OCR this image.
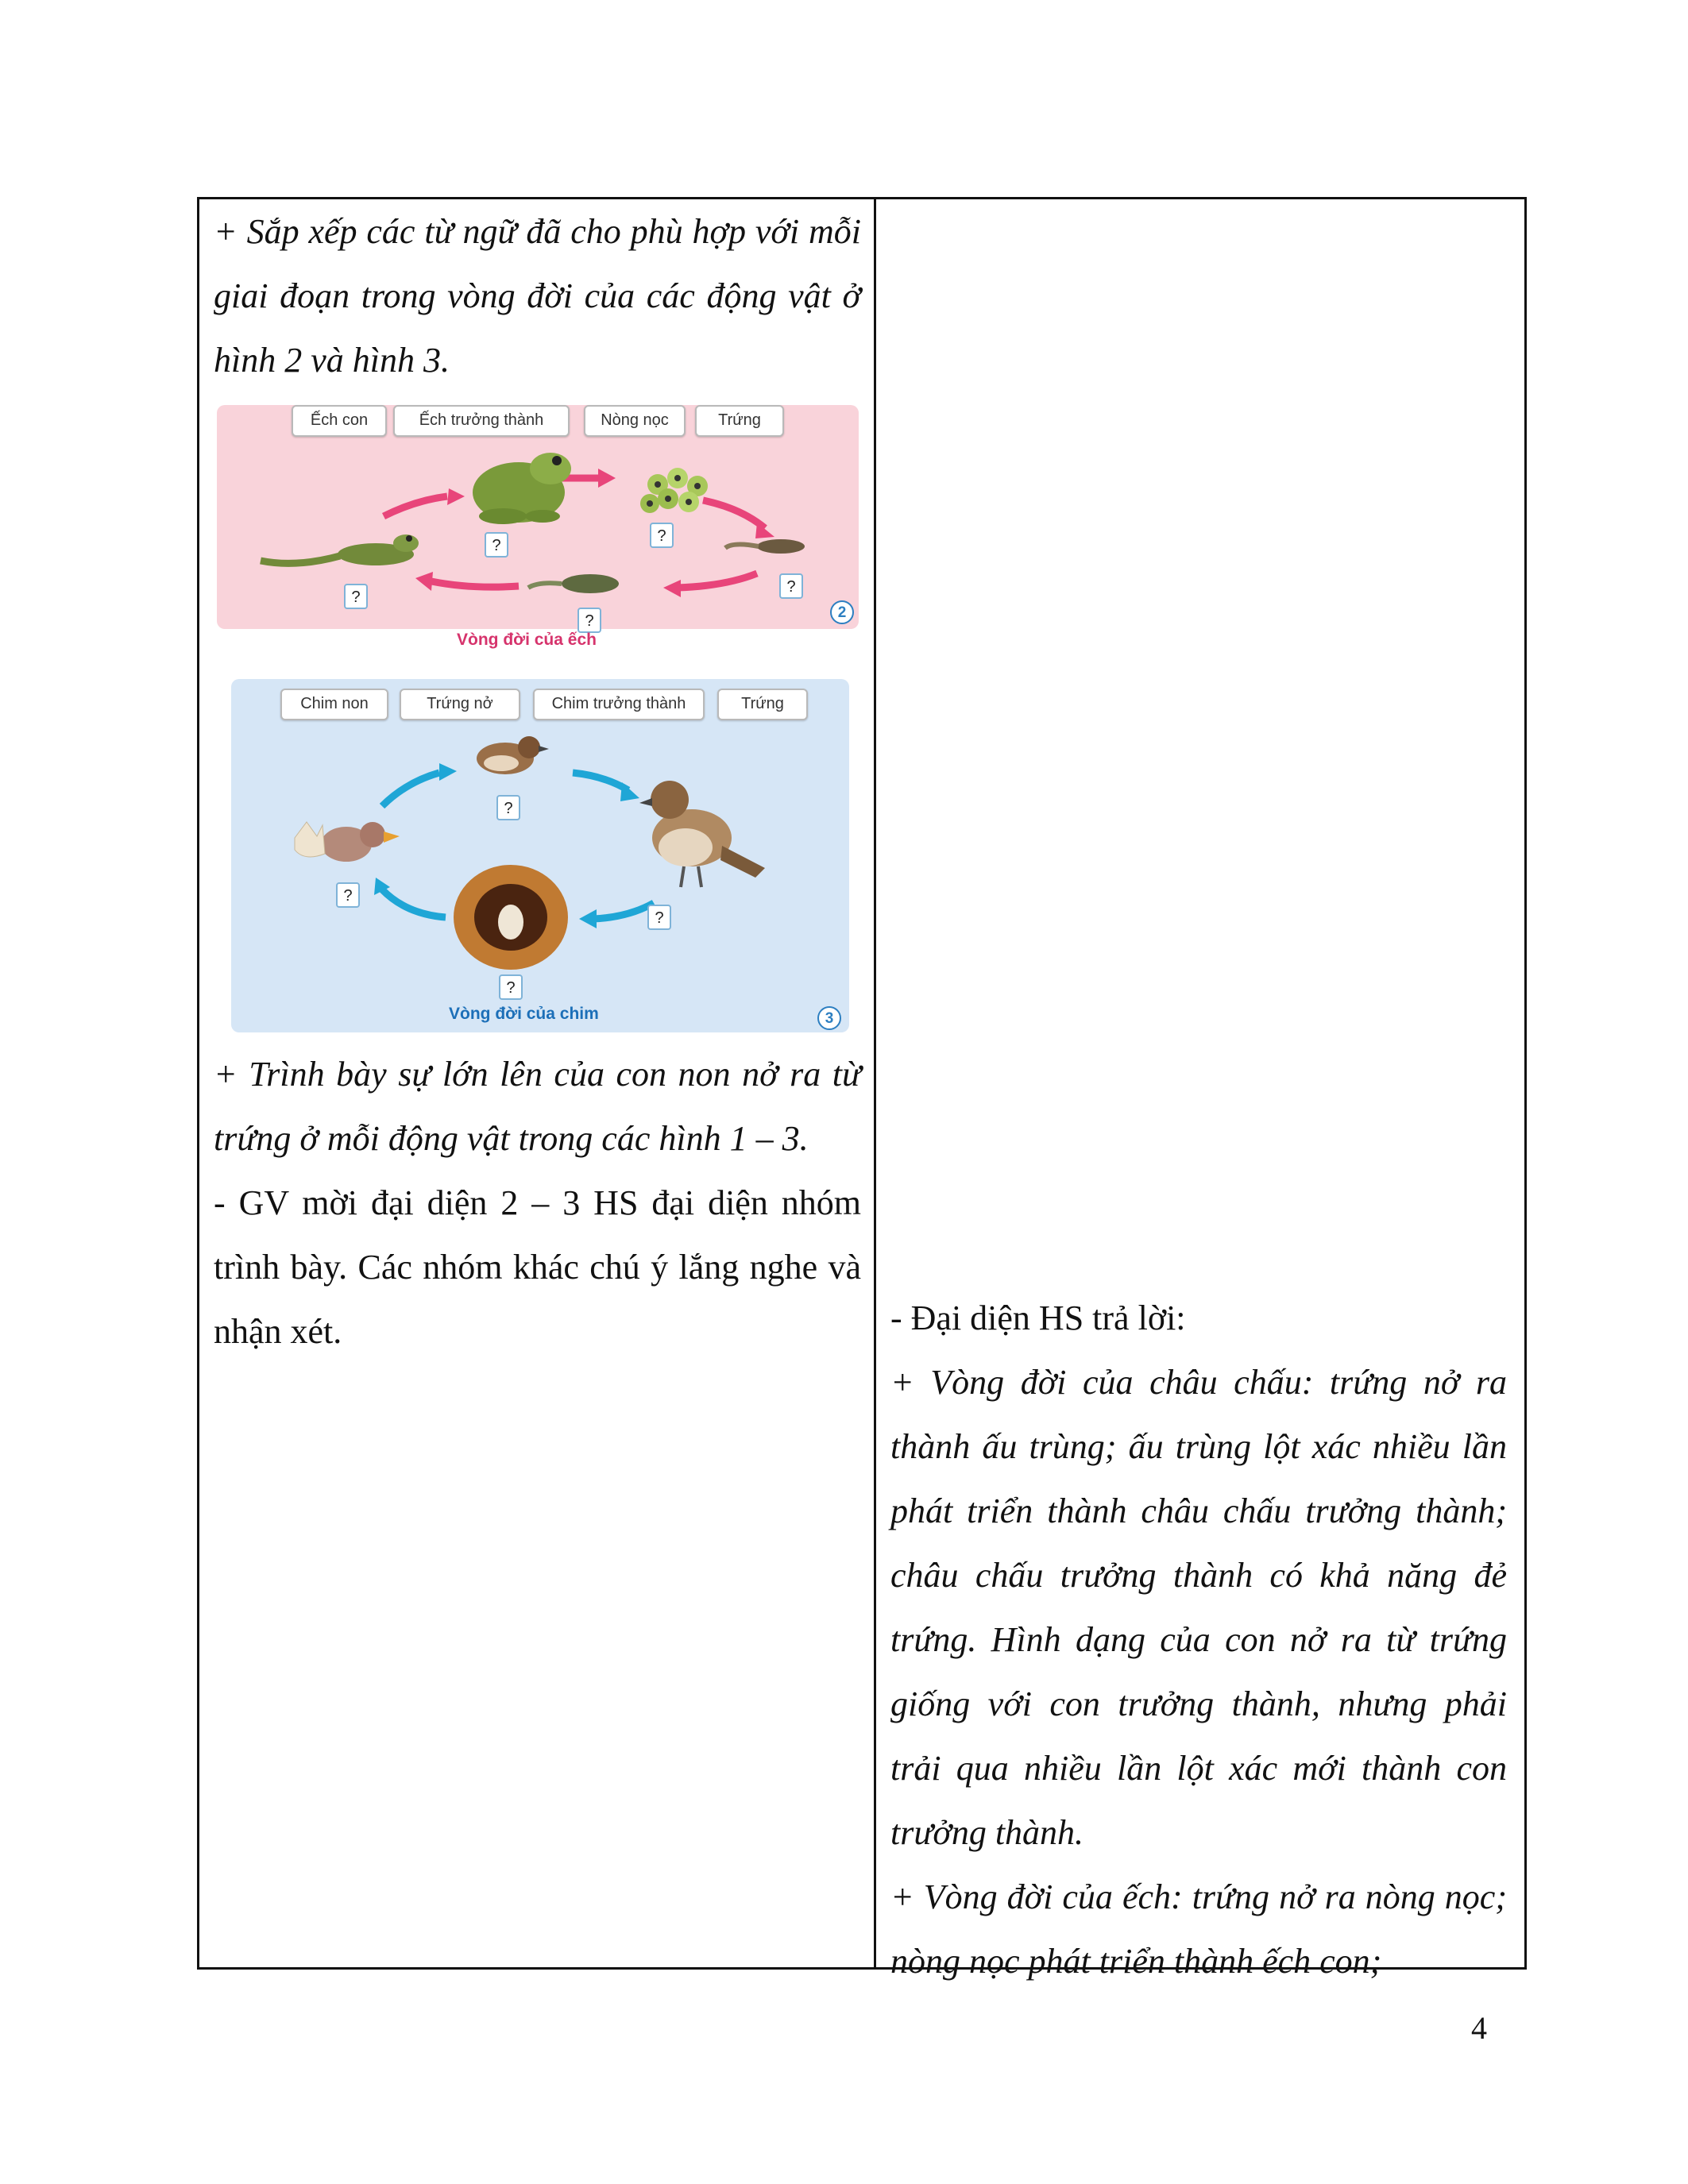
+ Sắp xếp các từ ngữ đã cho phù hợp với mỗi giai đoạn trong vòng đời của các động vật ở hình 2 và hình 3.

Ếch con	Ếch trưởng thành	Nòng nọc	Trứng
?
?
?
?
?
2
Vòng đời của ếch
Chim non	Trứng nở	Chim trưởng thành	Trứng
?
?
?
?
Vòng đời của chim	3

+ Trình bày sự lớn lên của con non nở ra từ trứng ở mỗi động vật trong các hình 1 – 3.

- GV mời đại diện 2 – 3 HS đại diện nhóm trình bày. Các nhóm khác chú ý lắng nghe và nhận xét.	- Đại diện HS trả lời:

+ Vòng đời của châu chấu: trứng nở ra thành ấu trùng; ấu trùng lột xác nhiều lần phát triển thành châu chấu trưởng thành; châu chấu trưởng thành có khả năng đẻ trứng. Hình dạng của con nở ra từ trứng giống với con trưởng thành, nhưng phải trải qua nhiều lần lột xác mới thành con trưởng thành.

+ Vòng đời của ếch: trứng nở ra nòng nọc; nòng nọc phát triển thành ếch con;

4
